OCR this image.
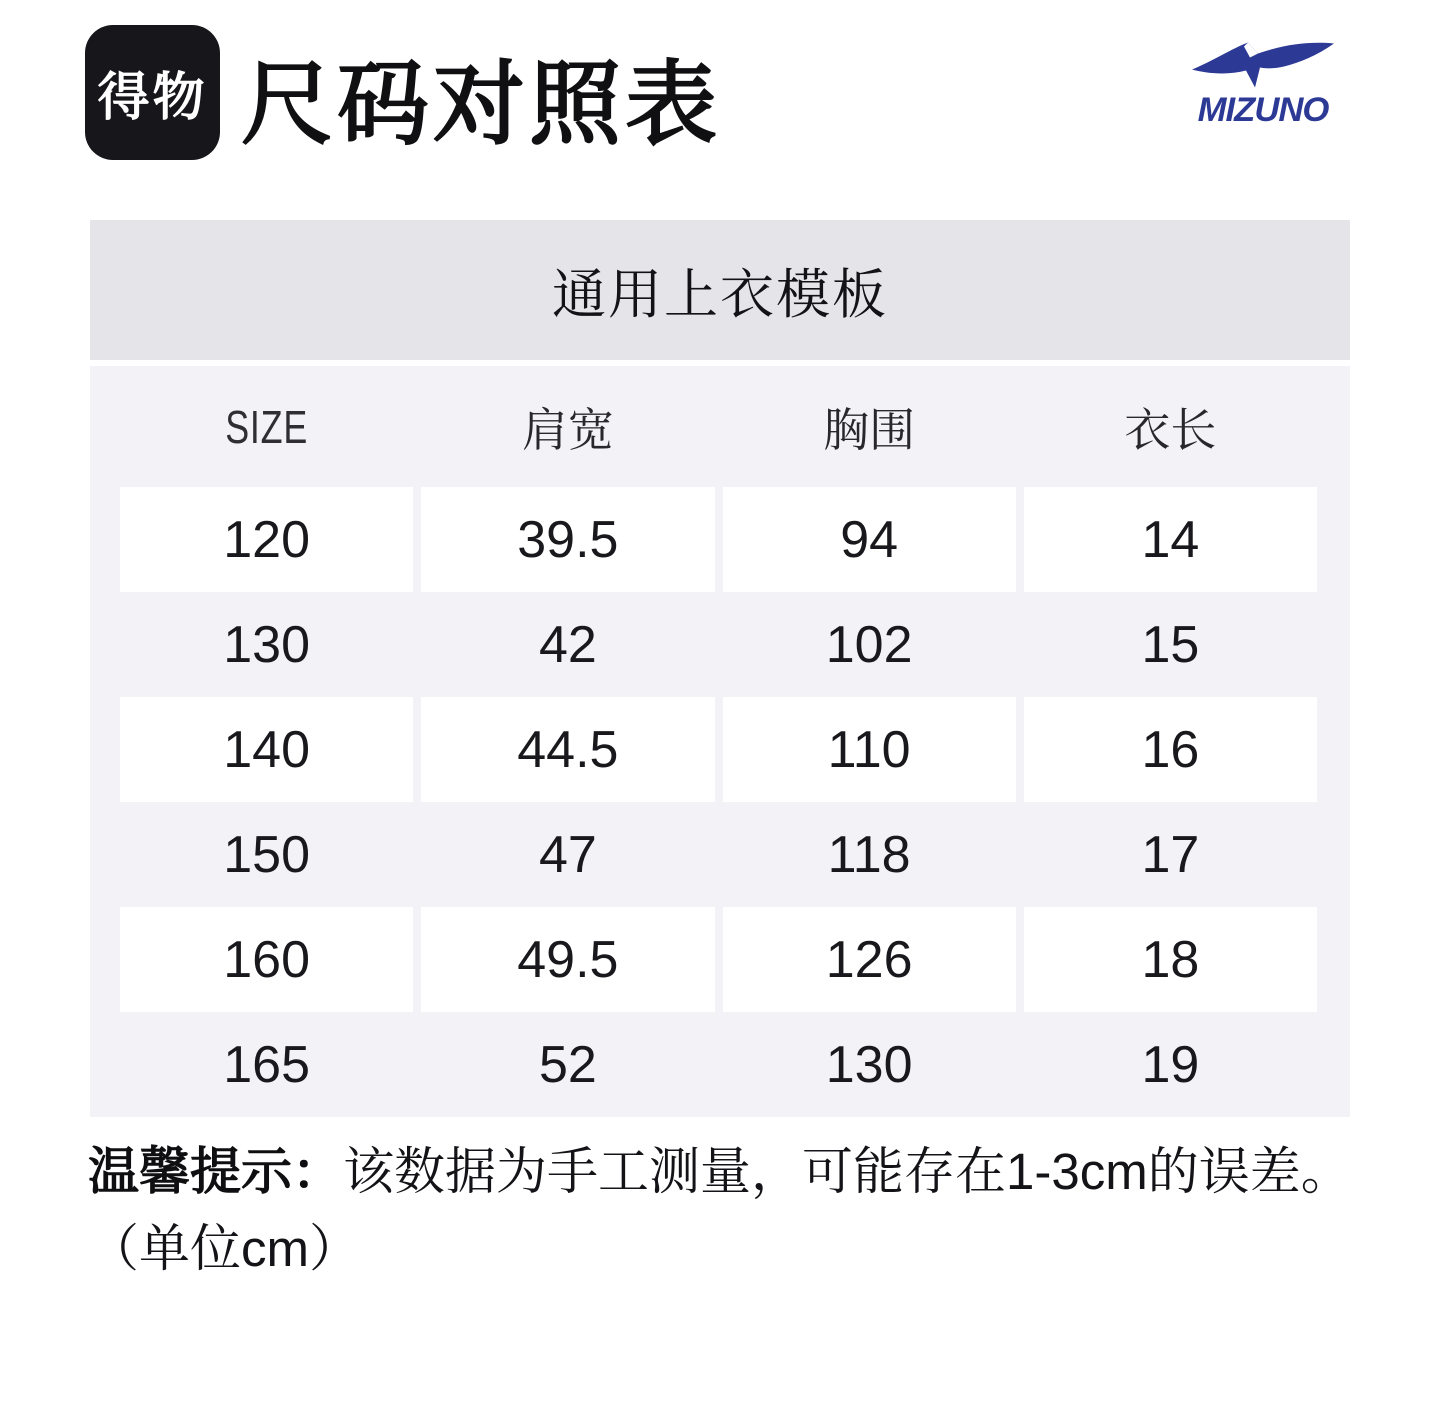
得物 尺码对照表	MIZUNO
通用上衣模板
SIZE	肩宽	胸围	衣长
120	39.5	94	14
130	42	102	15
140	44.5	110	16
150	47	118	17
160	49.5	126	18
165	52	130	19
温馨提示：该数据为手工测量，可能存在1-3cm的误差。
（单位cm）
